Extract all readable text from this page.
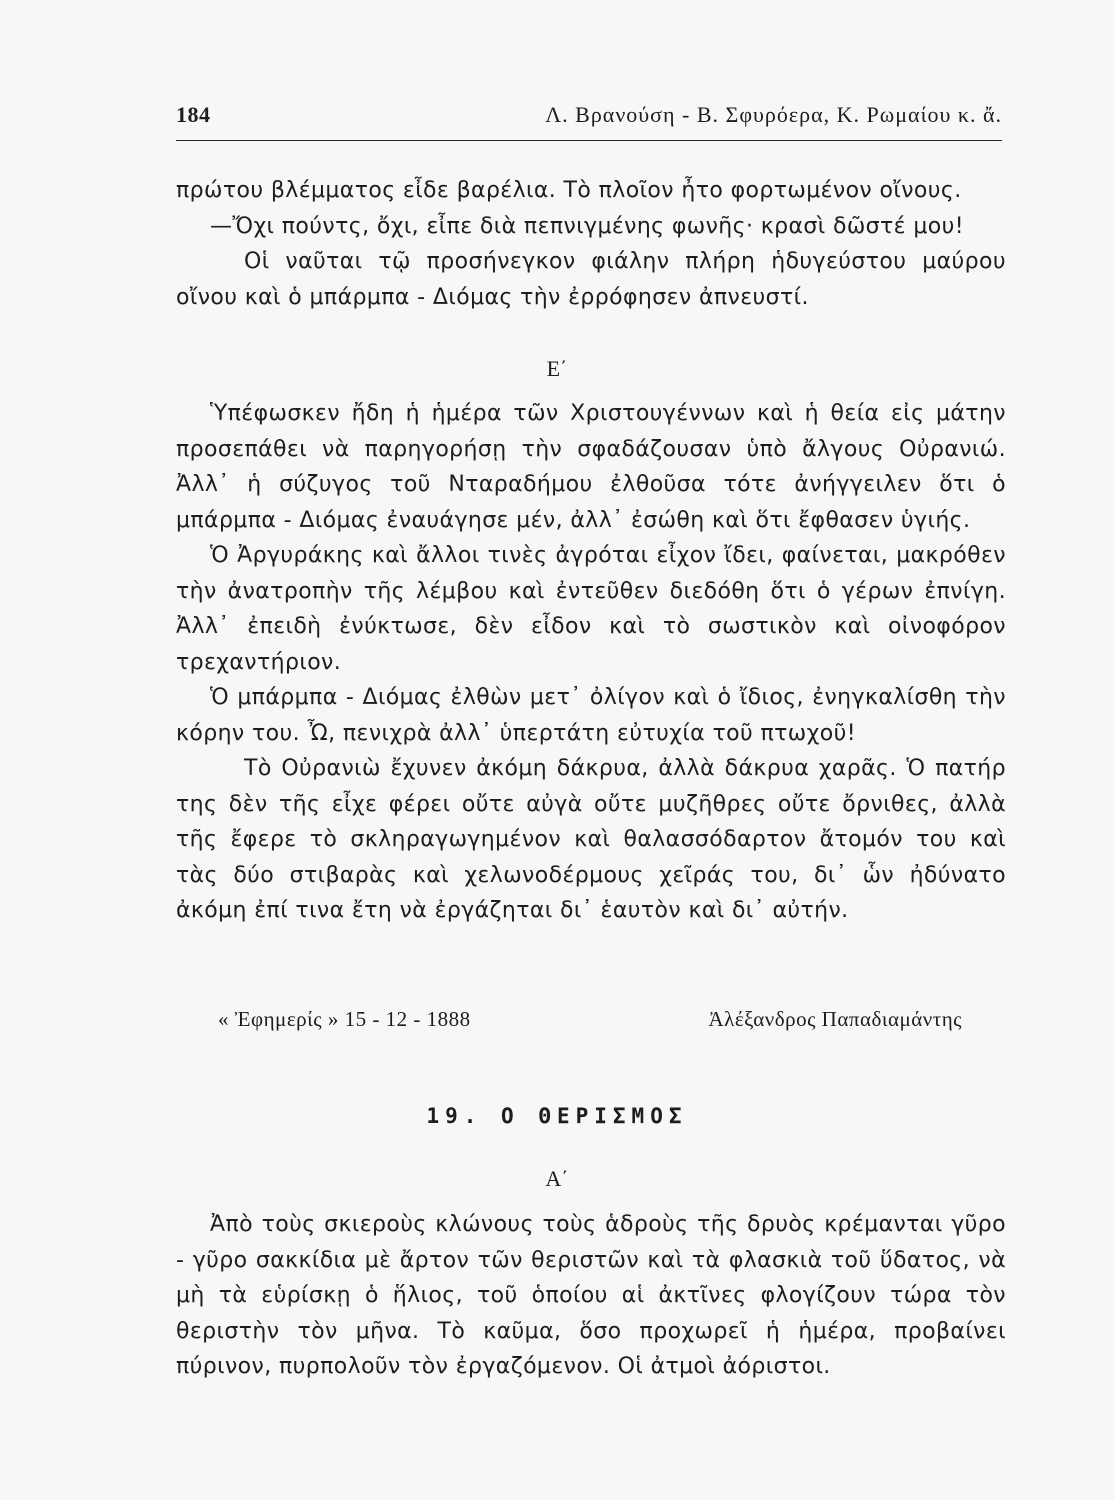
184	Λ. Βρανούση - Β. Σφυρόερα, Κ. Ρωμαίου κ. ἄ.

πρώτου βλέμματος εἶδε βαρέλια. Τὸ πλοῖον ἦτο φορτωμένον οἴνους.

—Ὄχι πούντς, ὄχι, εἶπε διὰ πεπνιγμένης φωνῆς· κρασὶ δῶστέ μου!

Οἱ ναῦται τῷ προσήνεγκον φιάλην πλήρη ἡδυγεύστου μαύρου οἴνου καὶ ὁ μπάρμπα - Διόμας τὴν ἐρρόφησεν ἀπνευστί.

Ε΄

Ὑπέφωσκεν ἤδη ἡ ἡμέρα τῶν Χριστουγέννων καὶ ἡ θεία εἰς μάτην προσεπάθει νὰ παρηγορήσῃ τὴν σφαδάζουσαν ὑπὸ ἄλγους Οὐρανιώ. Ἀλλ᾽ ἡ σύζυγος τοῦ Νταραδήμου ἐλθοῦσα τότε ἀνήγγειλεν ὅτι ὁ μπάρμπα - Διόμας ἐναυάγησε μέν, ἀλλ᾽ ἐσώθη καὶ ὅτι ἔφθασεν ὑγιής.

Ὁ Ἀργυράκης καὶ ἄλλοι τινὲς ἀγρόται εἶχον ἴδει, φαίνεται, μακρόθεν τὴν ἀνατροπὴν τῆς λέμβου καὶ ἐντεῦθεν διεδόθη ὅτι ὁ γέρων ἐπνίγη. Ἀλλ᾽ ἐπειδὴ ἐνύκτωσε, δὲν εἶδον καὶ τὸ σωστικὸν καὶ οἰνοφόρον τρεχαντήριον.

Ὁ μπάρμπα - Διόμας ἐλθὼν μετ᾽ ὀλίγον καὶ ὁ ἴδιος, ἐνηγκαλίσθη τὴν κόρην του. Ὦ, πενιχρὰ ἀλλ᾽ ὑπερτάτη εὐτυχία τοῦ πτωχοῦ!

Τὸ Οὐρανιὼ ἔχυνεν ἀκόμη δάκρυα, ἀλλὰ δάκρυα χαρᾶς. Ὁ πατήρ της δὲν τῆς εἶχε φέρει οὔτε αὐγὰ οὔτε μυζῆθρες οὔτε ὄρνιθες, ἀλλὰ τῆς ἔφερε τὸ σκληραγωγημένον καὶ θαλασσόδαρτον ἄτομόν του καὶ τὰς δύο στιβαρὰς καὶ χελωνοδέρμους χεῖράς του, δι᾽ ὧν ἠδύνατο ἀκόμη ἐπί τινα ἔτη νὰ ἐργάζηται δι᾽ ἑαυτὸν καὶ δι᾽ αὐτήν.

« Ἐφημερίς » 15 - 12 - 1888	Ἀλέξανδρος Παπαδιαμάντης
19. Ο ΘΕΡΙΣΜΟΣ
Α΄

Ἀπὸ τοὺς σκιεροὺς κλώνους τοὺς ἁδροὺς τῆς δρυὸς κρέμανται γῦρο - γῦρο σακκίδια μὲ ἄρτον τῶν θεριστῶν καὶ τὰ φλασκιὰ τοῦ ὕδατος, νὰ μὴ τὰ εὑρίσκῃ ὁ ἥλιος, τοῦ ὁποίου αἱ ἀκτῖνες φλογίζουν τώρα τὸν θεριστὴν τὸν μῆνα. Τὸ καῦμα, ὅσο προχωρεῖ ἡ ἡμέρα, προβαίνει πύρινον, πυρπολοῦν τὸν ἐργαζόμενον. Οἱ ἀτμοὶ ἀόριστοι.
